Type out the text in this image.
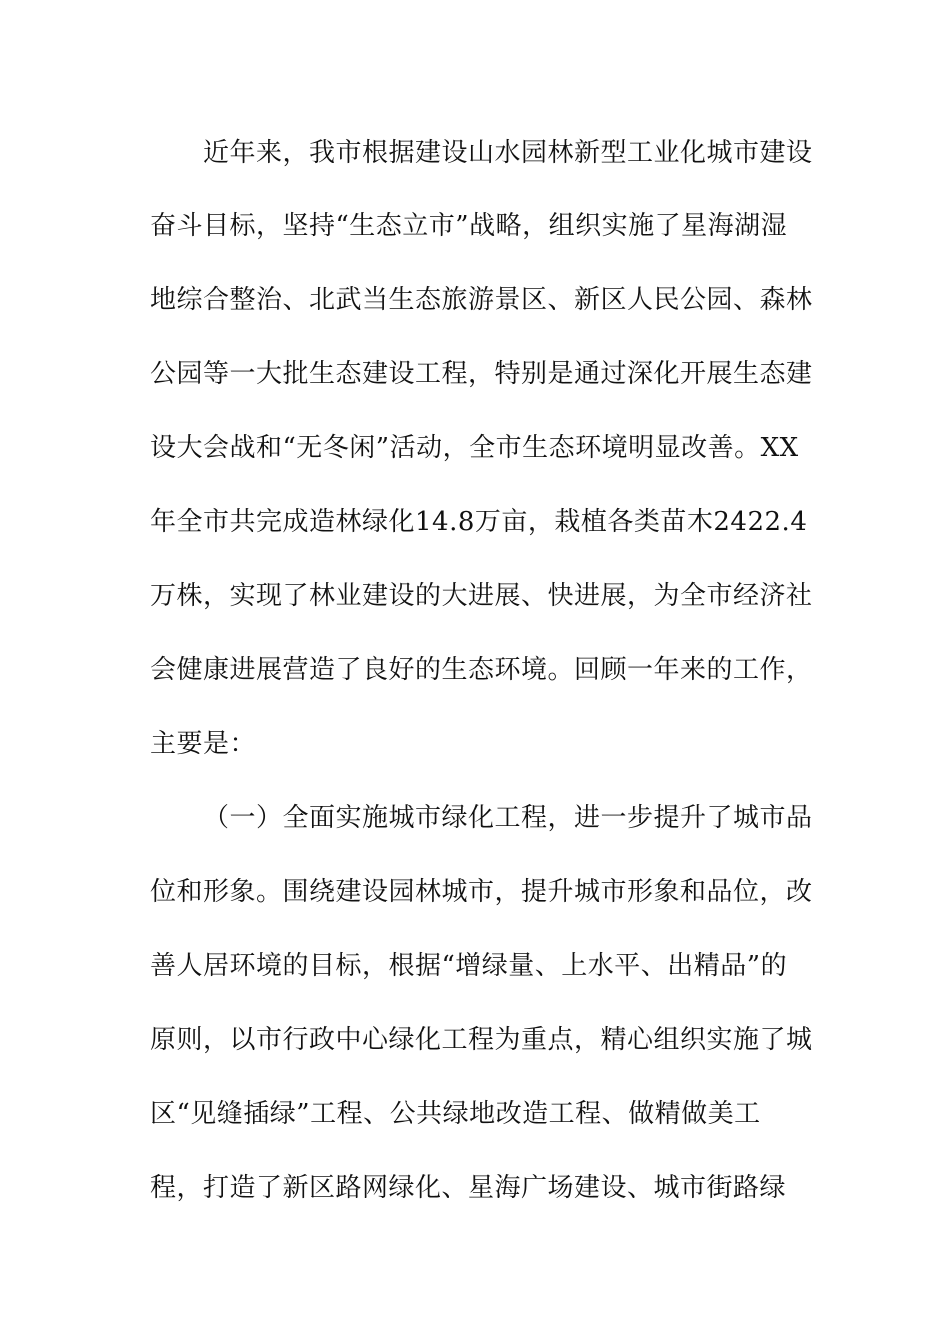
近年来，我市根据建设山水园林新型工业化城市建设
奋斗目标，坚持“生态立市”战略，组织实施了星海湖湿
地综合整治、北武当生态旅游景区、新区人民公园、森林
公园等一大批生态建设工程，特别是通过深化开展生态建
设大会战和“无冬闲”活动，全市生态环境明显改善。XX
年全市共完成造林绿化14.8万亩，栽植各类苗木2422.4
万株，实现了林业建设的大进展、快进展，为全市经济社
会健康进展营造了良好的生态环境。回顾一年来的工作，
主要是：
（一）全面实施城市绿化工程，进一步提升了城市品
位和形象。围绕建设园林城市，提升城市形象和品位，改
善人居环境的目标，根据“增绿量、上水平、出精品”的
原则，以市行政中心绿化工程为重点，精心组织实施了城
区“见缝插绿”工程、公共绿地改造工程、做精做美工
程，打造了新区路网绿化、星海广场建设、城市街路绿
